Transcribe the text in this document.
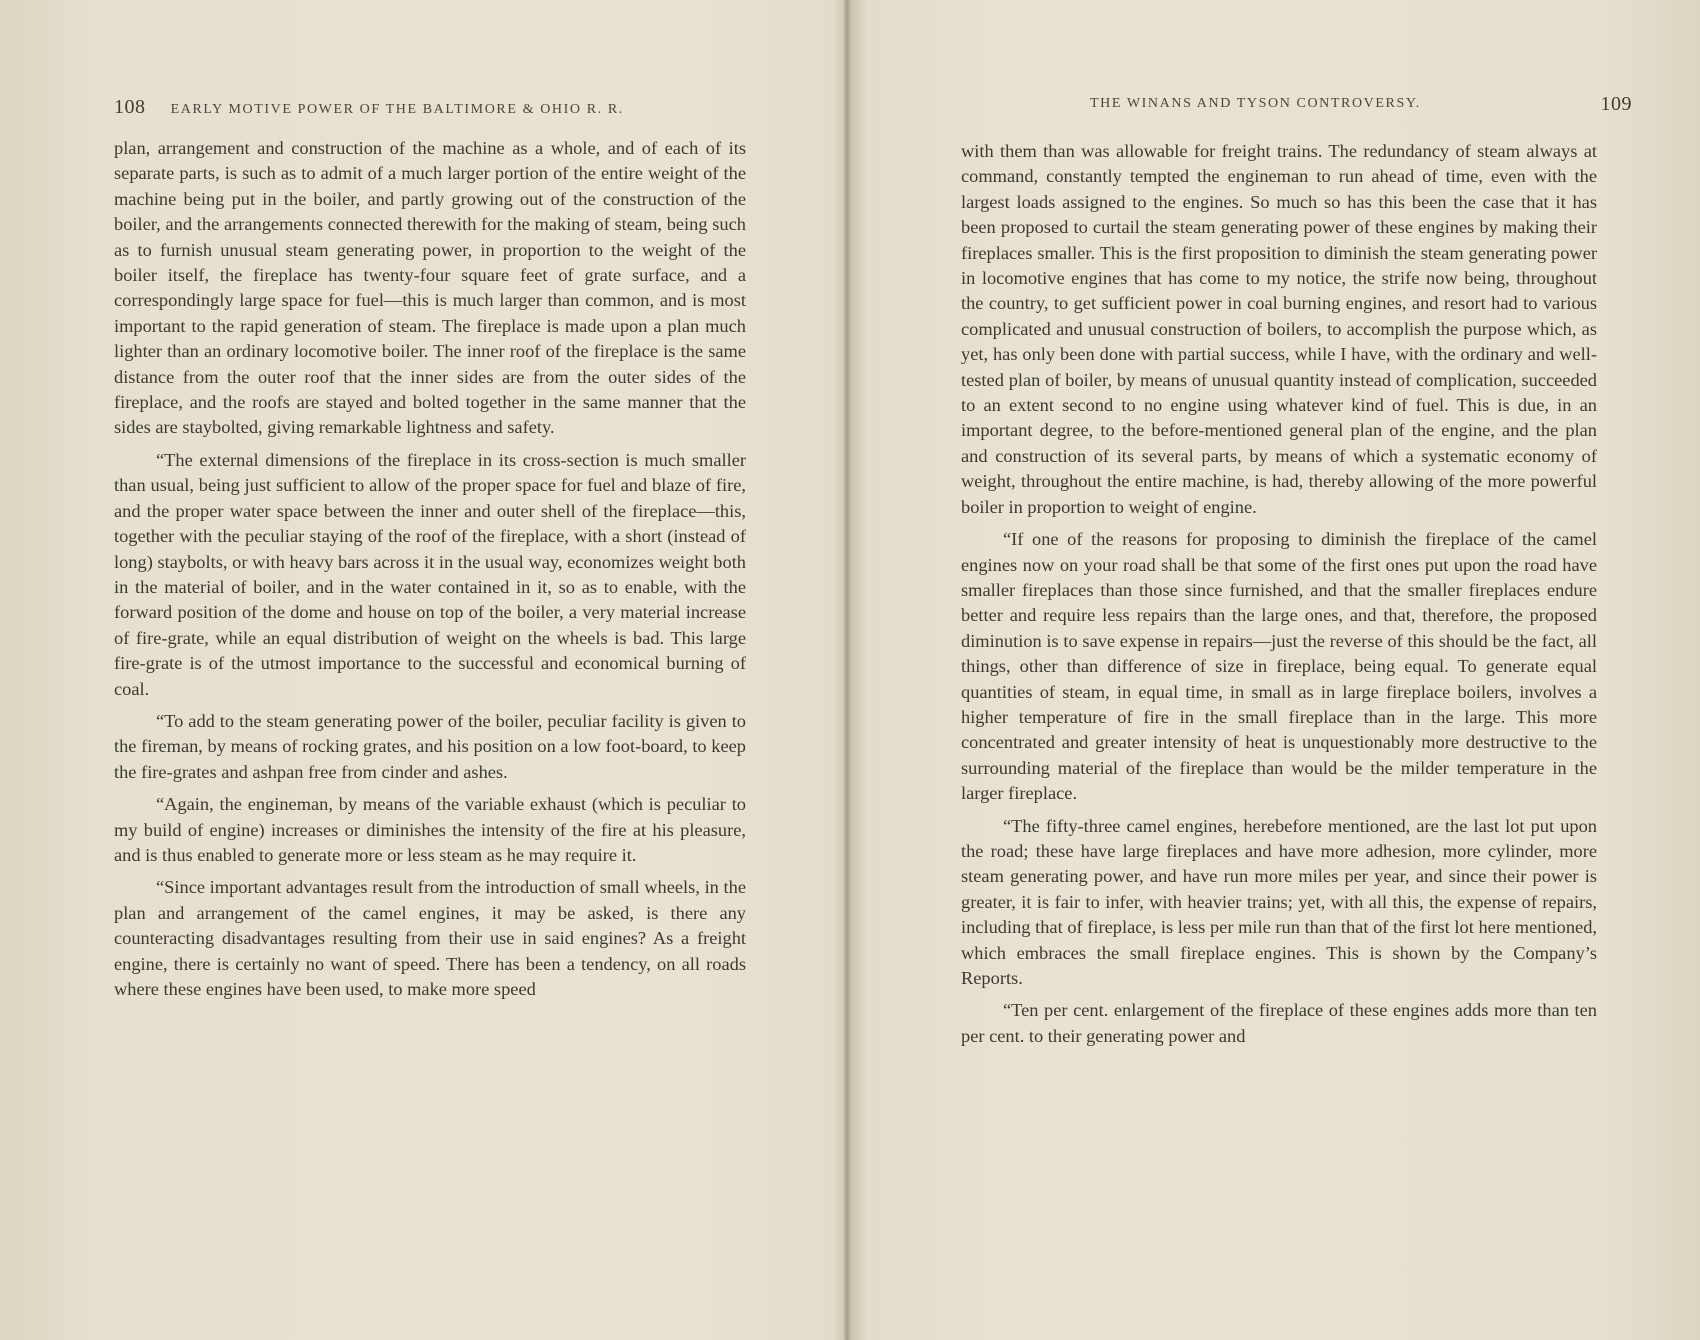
108 EARLY MOTIVE POWER OF THE BALTIMORE & OHIO R. R.

plan, arrangement and construction of the machine as a whole, and of each of its separate parts, is such as to admit of a much larger portion of the entire weight of the machine being put in the boiler, and partly growing out of the construction of the boiler, and the arrangements connected therewith for the making of steam, being such as to furnish unusual steam generating power, in proportion to the weight of the boiler itself, the fireplace has twenty-four square feet of grate surface, and a correspondingly large space for fuel—this is much larger than common, and is most important to the rapid generation of steam. The fireplace is made upon a plan much lighter than an ordinary locomotive boiler. The inner roof of the fireplace is the same distance from the outer roof that the inner sides are from the outer sides of the fireplace, and the roofs are stayed and bolted together in the same manner that the sides are staybolted, giving remarkable lightness and safety.

“The external dimensions of the fireplace in its cross-section is much smaller than usual, being just sufficient to allow of the proper space for fuel and blaze of fire, and the proper water space between the inner and outer shell of the fireplace—this, together with the peculiar staying of the roof of the fireplace, with a short (instead of long) staybolts, or with heavy bars across it in the usual way, economizes weight both in the material of boiler, and in the water contained in it, so as to enable, with the forward position of the dome and house on top of the boiler, a very material increase of fire-grate, while an equal distribution of weight on the wheels is bad. This large fire-grate is of the utmost importance to the successful and economical burning of coal.

“To add to the steam generating power of the boiler, peculiar facility is given to the fireman, by means of rocking grates, and his position on a low foot-board, to keep the fire-grates and ashpan free from cinder and ashes.

“Again, the engineman, by means of the variable exhaust (which is peculiar to my build of engine) increases or diminishes the intensity of the fire at his pleasure, and is thus enabled to generate more or less steam as he may require it.

“Since important advantages result from the introduction of small wheels, in the plan and arrangement of the camel engines, it may be asked, is there any counteracting disadvantages resulting from their use in said engines? As a freight engine, there is certainly no want of speed. There has been a tendency, on all roads where these engines have been used, to make more speed

THE WINANS AND TYSON CONTROVERSY.	109

with them than was allowable for freight trains. The redundancy of steam always at command, constantly tempted the engineman to run ahead of time, even with the largest loads assigned to the engines. So much so has this been the case that it has been proposed to curtail the steam generating power of these engines by making their fireplaces smaller. This is the first proposition to diminish the steam generating power in locomotive engines that has come to my notice, the strife now being, throughout the country, to get sufficient power in coal burning engines, and resort had to various complicated and unusual construction of boilers, to accomplish the purpose which, as yet, has only been done with partial success, while I have, with the ordinary and well-tested plan of boiler, by means of unusual quantity instead of complication, succeeded to an extent second to no engine using whatever kind of fuel. This is due, in an important degree, to the before-mentioned general plan of the engine, and the plan and construction of its several parts, by means of which a systematic economy of weight, throughout the entire machine, is had, thereby allowing of the more powerful boiler in proportion to weight of engine.

“If one of the reasons for proposing to diminish the fireplace of the camel engines now on your road shall be that some of the first ones put upon the road have smaller fireplaces than those since furnished, and that the smaller fireplaces endure better and require less repairs than the large ones, and that, therefore, the proposed diminution is to save expense in repairs—just the reverse of this should be the fact, all things, other than difference of size in fireplace, being equal. To generate equal quantities of steam, in equal time, in small as in large fireplace boilers, involves a higher temperature of fire in the small fireplace than in the large. This more concentrated and greater intensity of heat is unquestionably more destructive to the surrounding material of the fireplace than would be the milder temperature in the larger fireplace.

“The fifty-three camel engines, herebefore mentioned, are the last lot put upon the road; these have large fireplaces and have more adhesion, more cylinder, more steam generating power, and have run more miles per year, and since their power is greater, it is fair to infer, with heavier trains; yet, with all this, the expense of repairs, including that of fireplace, is less per mile run than that of the first lot here mentioned, which embraces the small fireplace engines. This is shown by the Company’s Reports.

“Ten per cent. enlargement of the fireplace of these engines adds more than ten per cent. to their generating power and
